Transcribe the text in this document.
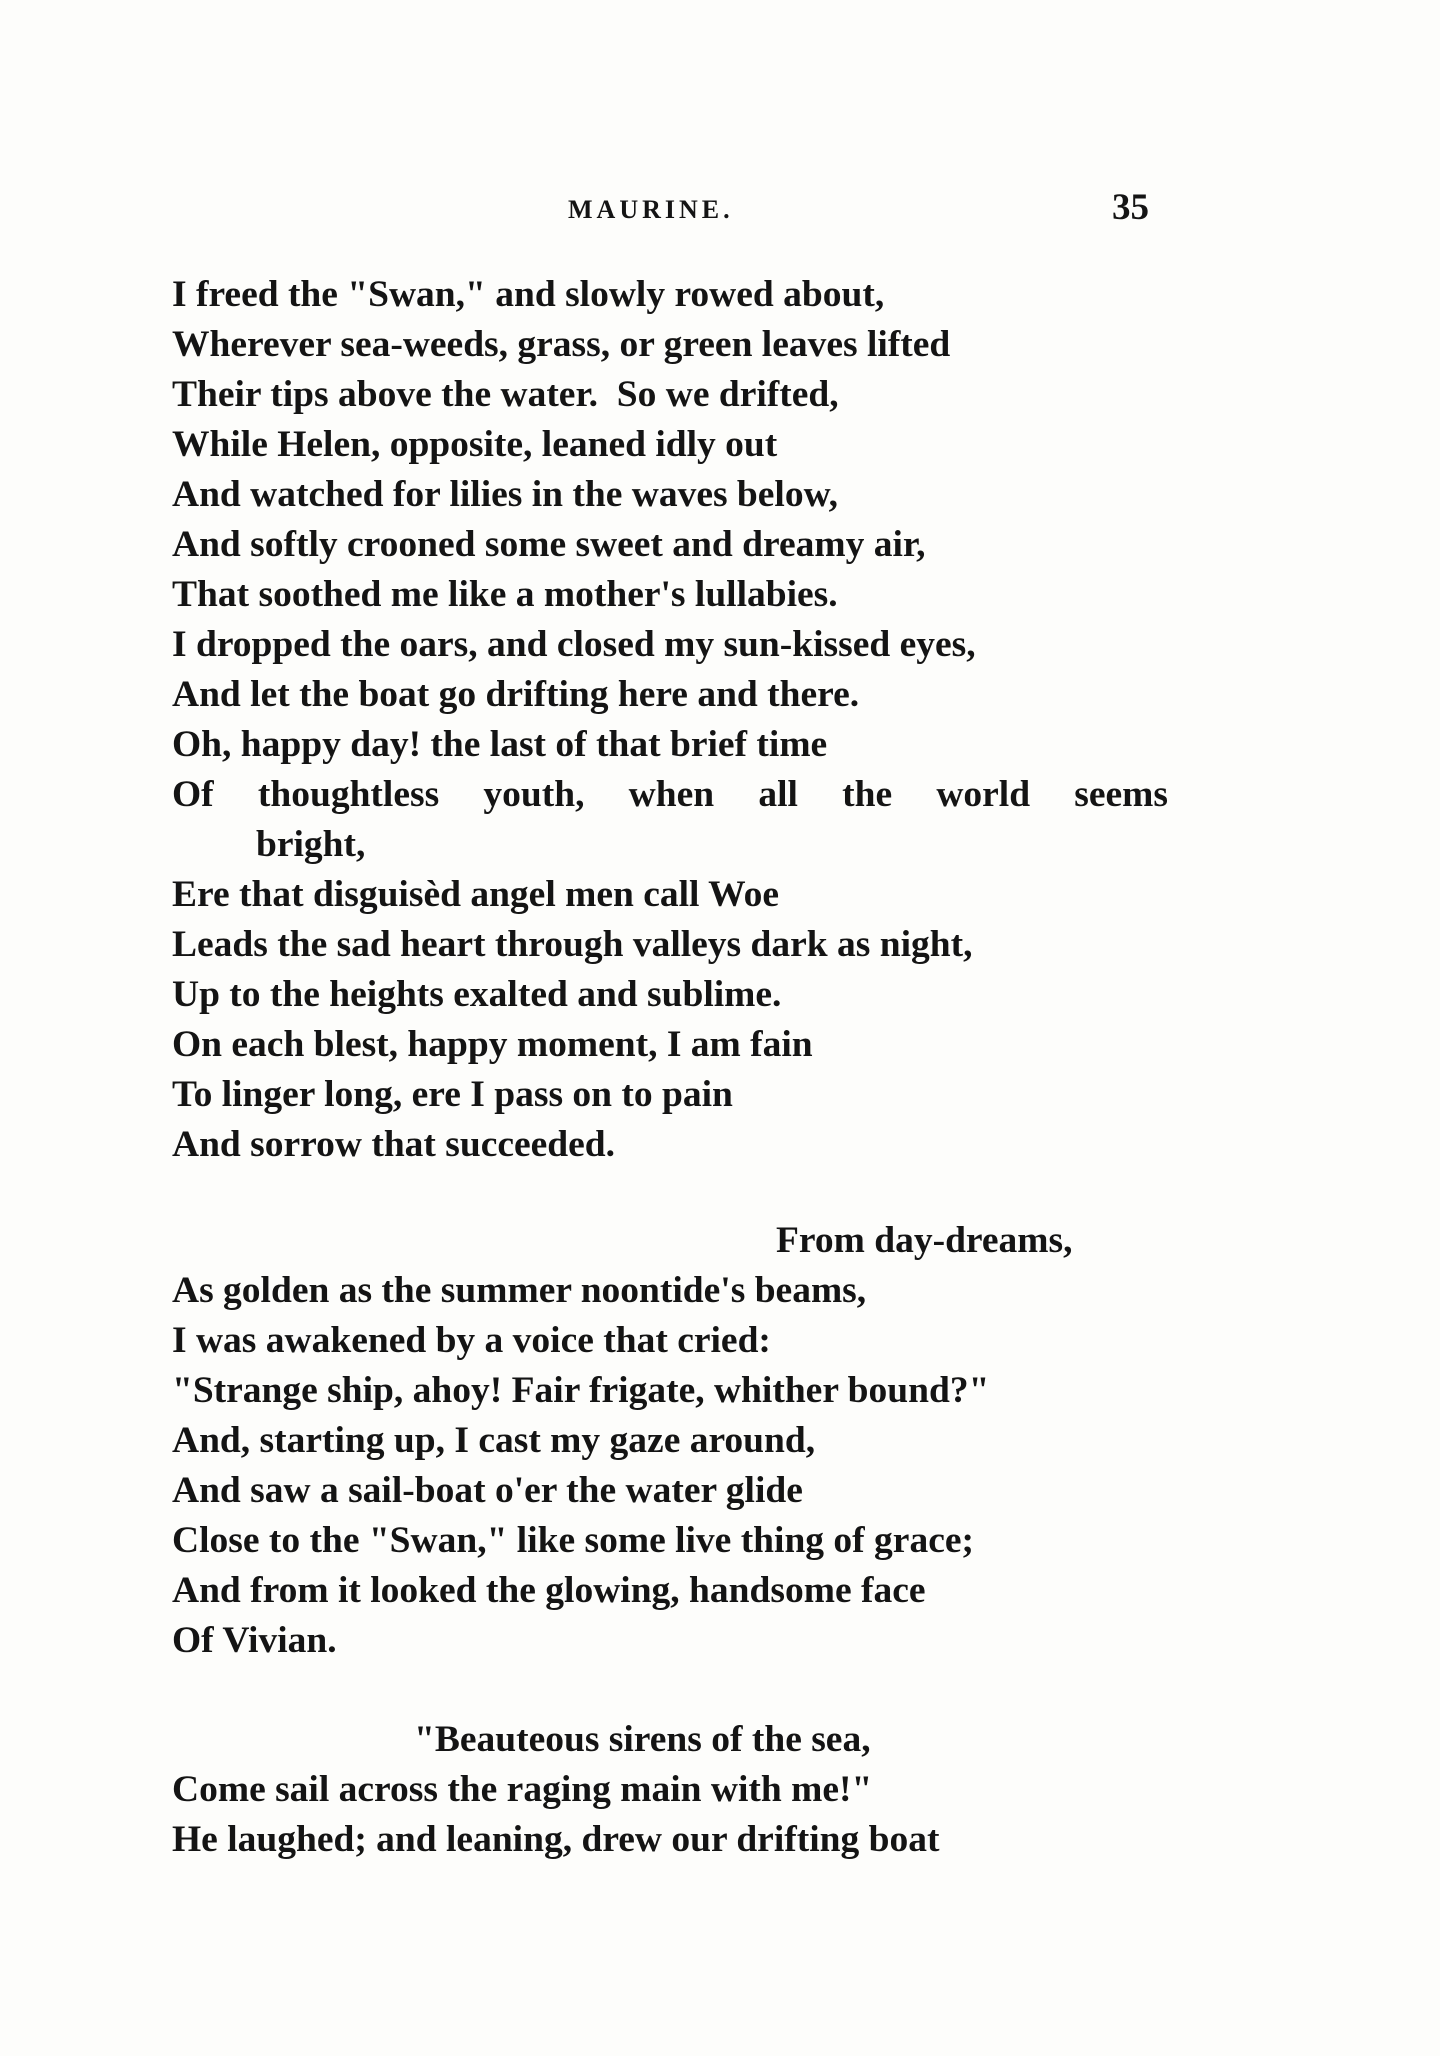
MAURINE.	35
I freed the "Swan," and slowly rowed about,
Wherever sea-weeds, grass, or green leaves lifted
Their tips above the water.  So we drifted,
While Helen, opposite, leaned idly out
And watched for lilies in the waves below,
And softly crooned some sweet and dreamy air,
That soothed me like a mother's lullabies.
I dropped the oars, and closed my sun-kissed eyes,
And let the boat go drifting here and there.
Oh, happy day! the last of that brief time
Of thoughtless youth, when all the world seems
bright,
Ere that disguisèd angel men call Woe
Leads the sad heart through valleys dark as night,
Up to the heights exalted and sublime.
On each blest, happy moment, I am fain
To linger long, ere I pass on to pain
And sorrow that succeeded.
From day-dreams,
As golden as the summer noontide's beams,
I was awakened by a voice that cried:
"Strange ship, ahoy! Fair frigate, whither bound?"
And, starting up, I cast my gaze around,
And saw a sail-boat o'er the water glide
Close to the "Swan," like some live thing of grace;
And from it looked the glowing, handsome face
Of Vivian.
"Beauteous sirens of the sea,
Come sail across the raging main with me!"
He laughed; and leaning, drew our drifting boat
